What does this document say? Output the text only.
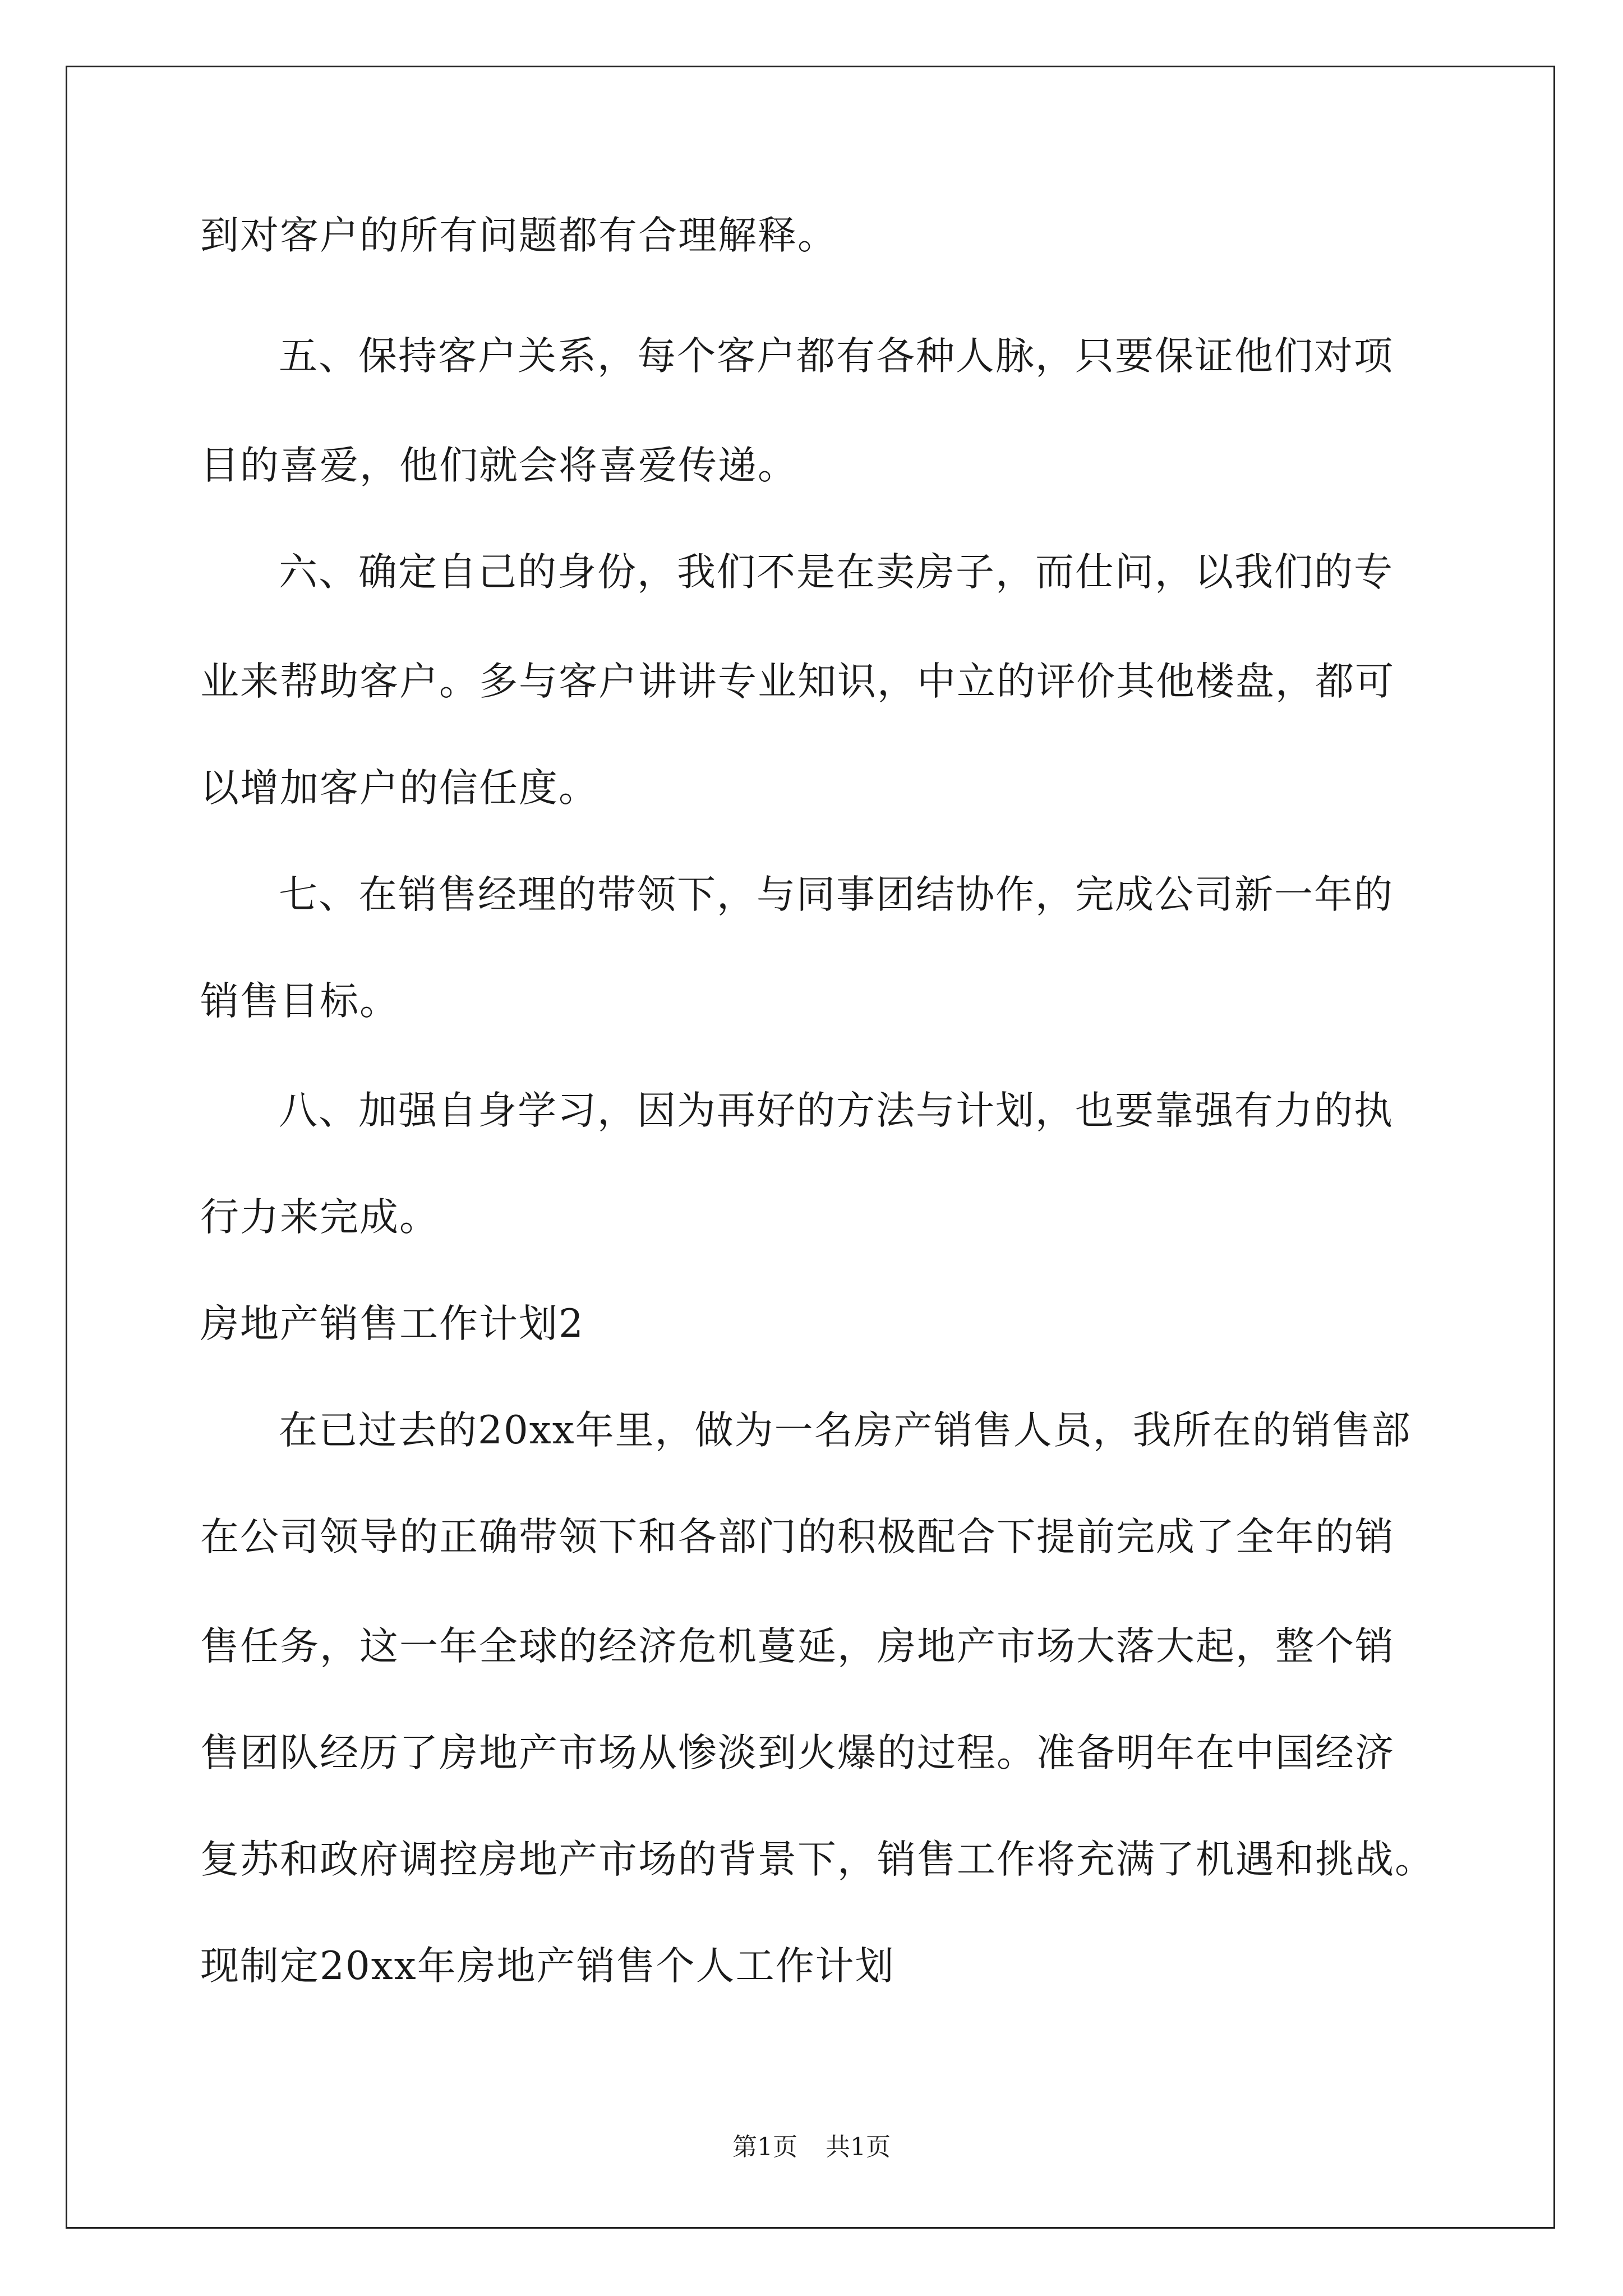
到对客户的所有问题都有合理解释。
五、保持客户关系，每个客户都有各种人脉，只要保证他们对项
目的喜爱，他们就会将喜爱传递。
六、确定自己的身份，我们不是在卖房子，而仕问，以我们的专
业来帮助客户。多与客户讲讲专业知识，中立的评价其他楼盘，都可
以增加客户的信任度。
七、在销售经理的带领下，与同事团结协作，完成公司新一年的
销售目标。
八、加强自身学习，因为再好的方法与计划，也要靠强有力的执
行力来完成。
房地产销售工作计划2
在已过去的20xx年里，做为一名房产销售人员，我所在的销售部
在公司领导的正确带领下和各部门的积极配合下提前完成了全年的销
售任务，这一年全球的经济危机蔓延，房地产市场大落大起，整个销
售团队经历了房地产市场从惨淡到火爆的过程。准备明年在中国经济
复苏和政府调控房地产市场的背景下，销售工作将充满了机遇和挑战。
现制定20xx年房地产销售个人工作计划
第1页 共1页
